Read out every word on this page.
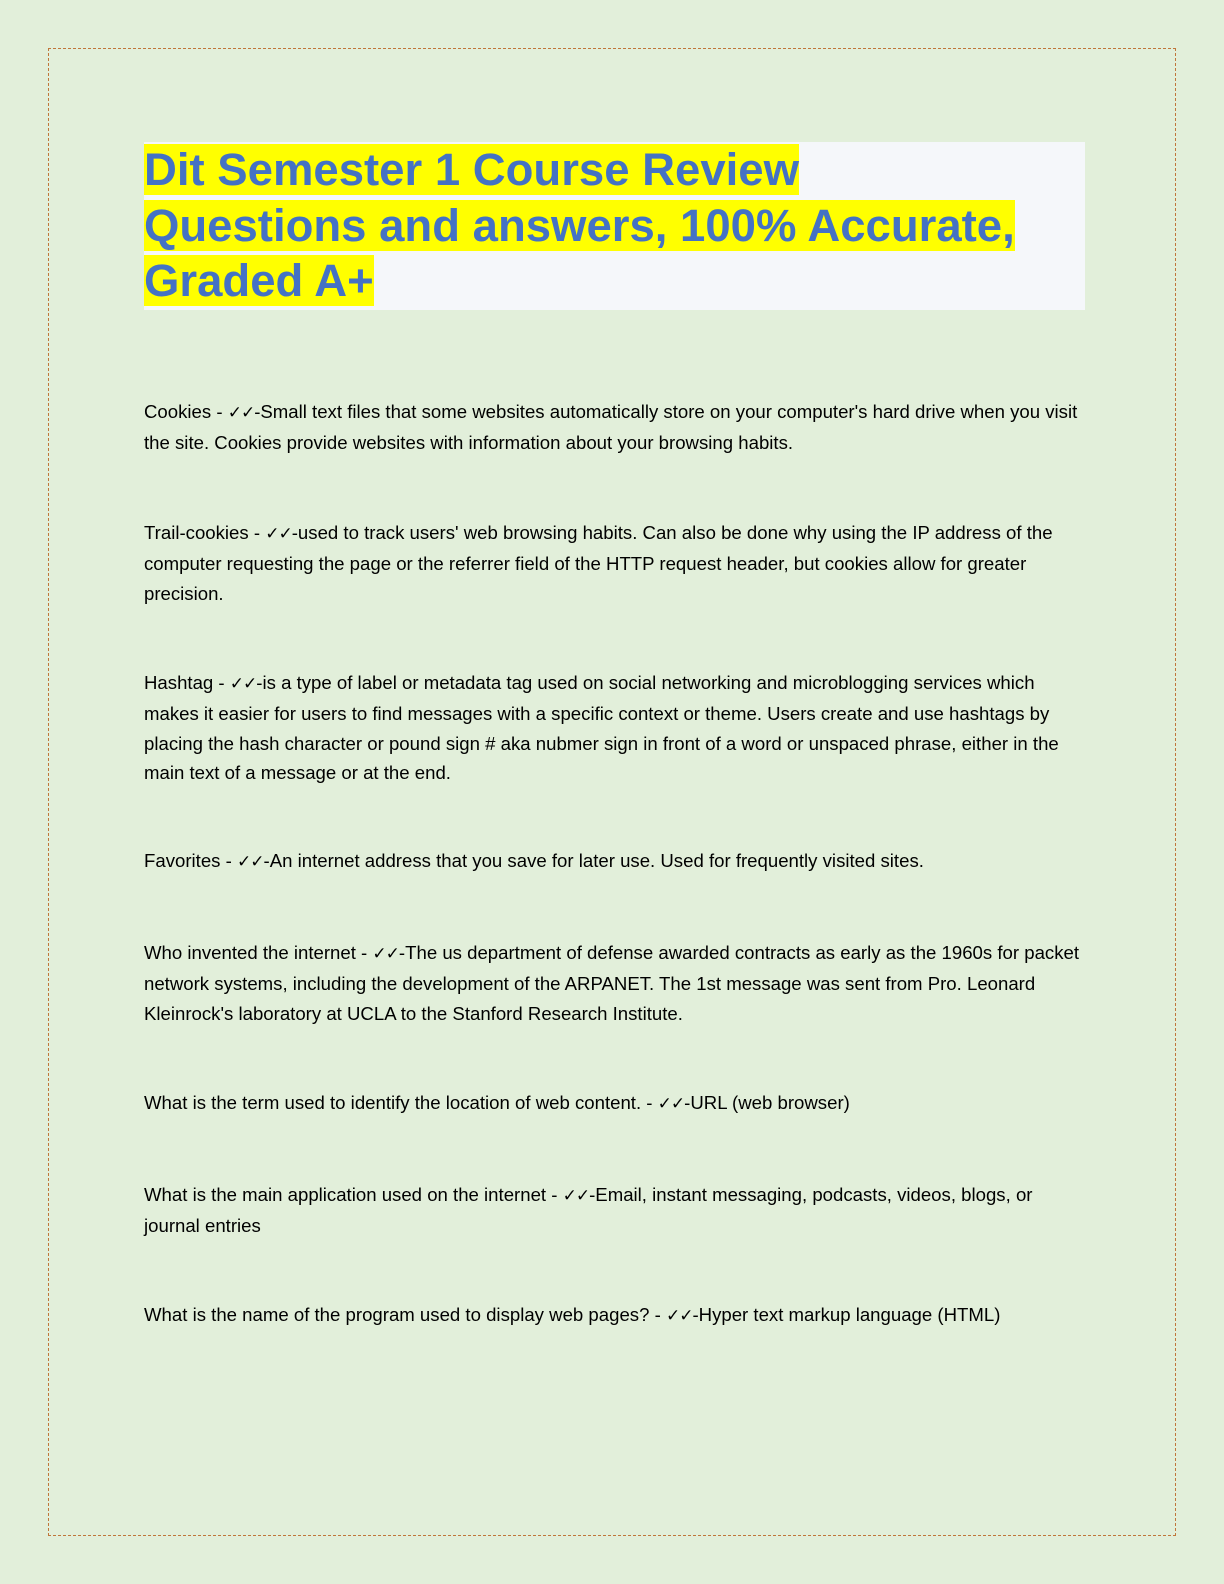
Dit Semester 1 Course Review
Questions and answers, 100% Accurate,
Graded A+

Cookies - ✓✓-Small text files that some websites automatically store on your computer's hard drive when you visit the site. Cookies provide websites with information about your browsing habits.

Trail-cookies - ✓✓-used to track users' web browsing habits. Can also be done why using the IP address of the computer requesting the page or the referrer field of the HTTP request header, but cookies allow for greater precision.

Hashtag - ✓✓-is a type of label or metadata tag used on social networking and microblogging services which makes it easier for users to find messages with a specific context or theme. Users create and use hashtags by placing the hash character or pound sign # aka nubmer sign in front of a word or unspaced phrase, either in the main text of a message or at the end.

Favorites - ✓✓-An internet address that you save for later use. Used for frequently visited sites.

Who invented the internet - ✓✓-The us department of defense awarded contracts as early as the 1960s for packet network systems, including the development of the ARPANET. The 1st message was sent from Pro. Leonard Kleinrock's laboratory at UCLA to the Stanford Research Institute.

What is the term used to identify the location of web content. - ✓✓-URL (web browser)

What is the main application used on the internet - ✓✓-Email, instant messaging, podcasts, videos, blogs, or journal entries

What is the name of the program used to display web pages? - ✓✓-Hyper text markup language (HTML)
